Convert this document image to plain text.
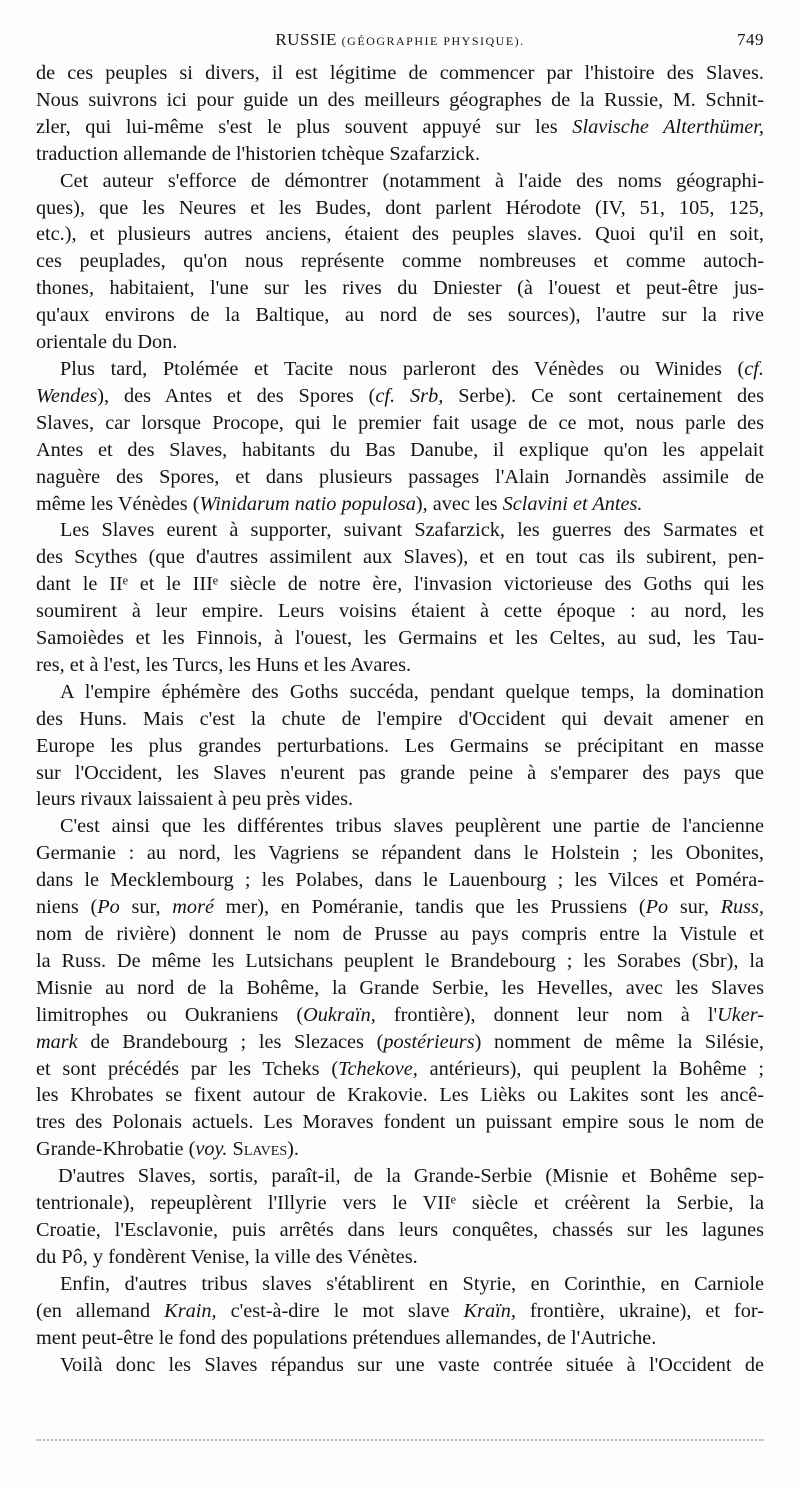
RUSSIE (GÉOGRAPHIE PHYSIQUE).	749

de ces peuples si divers, il est légitime de commencer par l'histoire des Slaves.

Nous suivrons ici pour guide un des meilleurs géographes de la Russie, M. Schnit-

zler, qui lui-même s'est le plus souvent appuyé sur les Slavische Alterthümer,

traduction allemande de l'historien tchèque Szafarzick.

Cet auteur s'efforce de démontrer (notamment à l'aide des noms géographi-

ques), que les Neures et les Budes, dont parlent Hérodote (IV, 51, 105, 125,

etc.), et plusieurs autres anciens, étaient des peuples slaves. Quoi qu'il en soit,

ces peuplades, qu'on nous représente comme nombreuses et comme autoch-

thones, habitaient, l'une sur les rives du Dniester (à l'ouest et peut-être jus-

qu'aux environs de la Baltique, au nord de ses sources), l'autre sur la rive

orientale du Don.

Plus tard, Ptolémée et Tacite nous parleront des Vénèdes ou Winides (cf.

Wendes), des Antes et des Spores (cf. Srb, Serbe). Ce sont certainement des

Slaves, car lorsque Procope, qui le premier fait usage de ce mot, nous parle des

Antes et des Slaves, habitants du Bas Danube, il explique qu'on les appelait

naguère des Spores, et dans plusieurs passages l'Alain Jornandès assimile de

même les Vénèdes (Winidarum natio populosa), avec les Sclavini et Antes.

Les Slaves eurent à supporter, suivant Szafarzick, les guerres des Sarmates et

des Scythes (que d'autres assimilent aux Slaves), et en tout cas ils subirent, pen-

dant le IIᵉ et le IIIᵉ siècle de notre ère, l'invasion victorieuse des Goths qui les

soumirent à leur empire. Leurs voisins étaient à cette époque : au nord, les

Samoièdes et les Finnois, à l'ouest, les Germains et les Celtes, au sud, les Tau-

res, et à l'est, les Turcs, les Huns et les Avares.

A l'empire éphémère des Goths succéda, pendant quelque temps, la domination

des Huns. Mais c'est la chute de l'empire d'Occident qui devait amener en

Europe les plus grandes perturbations. Les Germains se précipitant en masse

sur l'Occident, les Slaves n'eurent pas grande peine à s'emparer des pays que

leurs rivaux laissaient à peu près vides.

C'est ainsi que les différentes tribus slaves peuplèrent une partie de l'ancienne

Germanie : au nord, les Vagriens se répandent dans le Holstein ; les Obonites,

dans le Mecklembourg ; les Polabes, dans le Lauenbourg ; les Vilces et Poméra-

niens (Po sur, moré mer), en Poméranie, tandis que les Prussiens (Po sur, Russ,

nom de rivière) donnent le nom de Prusse au pays compris entre la Vistule et

la Russ. De même les Lutsichans peuplent le Brandebourg ; les Sorabes (Sbr), la

Misnie au nord de la Bohême, la Grande Serbie, les Hevelles, avec les Slaves

limitrophes ou Oukraniens (Oukraïn, frontière), donnent leur nom à l'Uker-

mark de Brandebourg ; les Slezaces (postérieurs) nomment de même la Silésie,

et sont précédés par les Tcheks (Tchekove, antérieurs), qui peuplent la Bohême ;

les Khrobates se fixent autour de Krakovie. Les Lièks ou Lakites sont les ancê-

tres des Polonais actuels. Les Moraves fondent un puissant empire sous le nom de

Grande-Khrobatie (voy. Slaves).

D'autres Slaves, sortis, paraît-il, de la Grande-Serbie (Misnie et Bohême sep-

tentrionale), repeuplèrent l'Illyrie vers le VIIᵉ siècle et créèrent la Serbie, la

Croatie, l'Esclavonie, puis arrêtés dans leurs conquêtes, chassés sur les lagunes

du Pô, y fondèrent Venise, la ville des Vénètes.

Enfin, d'autres tribus slaves s'établirent en Styrie, en Corinthie, en Carniole

(en allemand Krain, c'est-à-dire le mot slave Kraïn, frontière, ukraine), et for-

ment peut-être le fond des populations prétendues allemandes, de l'Autriche.

Voilà donc les Slaves répandus sur une vaste contrée située à l'Occident de
